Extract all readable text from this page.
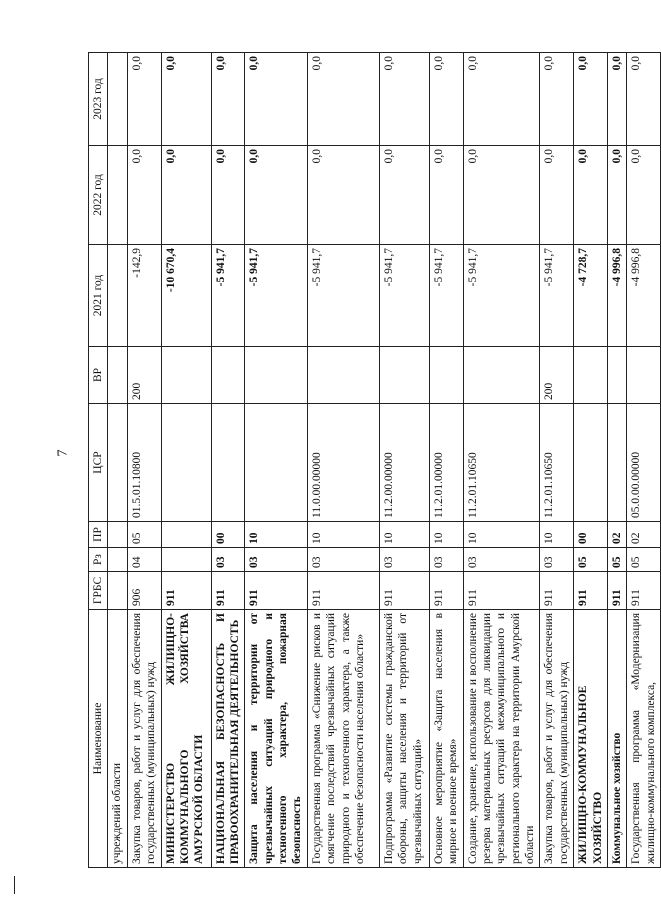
7
Наименование	ГРБС	Рз	ПР	ЦСР	ВР	2021 год	2022 год	2023 год
учреждений области								
Закупка товаров, работ и услуг для обеспечения государственных (муниципальных) нужд	906	04	05	01.5.01.10800	200	-142,9	0,0	0,0
МИНИСТЕРСТВО ЖИЛИЩНО-КОММУНАЛЬНОГО ХОЗЯЙСТВА АМУРСКОЙ ОБЛАСТИ	911					-10 670,4	0,0	0,0
НАЦИОНАЛЬНАЯ БЕЗОПАСНОСТЬ И ПРАВООХРАНИТЕЛЬНАЯ ДЕЯТЕЛЬНОСТЬ	911	03	00			-5 941,7	0,0	0,0
Защита населения и территории от чрезвычайных ситуаций природного и техногенного характера, пожарная безопасность	911	03	10			-5 941,7	0,0	0,0
Государственная программа «Снижение рисков и смягчение последствий чрезвычайных ситуаций природного и техногенного характера, а также обеспечение безопасности населения области»	911	03	10	11.0.00.00000		-5 941,7	0,0	0,0
Подпрограмма «Развитие системы гражданской обороны, защиты населения и территорий от чрезвычайных ситуаций»	911	03	10	11.2.00.00000		-5 941,7	0,0	0,0
Основное мероприятие «Защита населения в мирное и военное время»	911	03	10	11.2.01.00000		-5 941,7	0,0	0,0
Создание, хранение, использование и восполнение резерва материальных ресурсов для ликвидации чрезвычайных ситуаций межмуниципального и регионального характера на территории Амурской области	911	03	10	11.2.01.10650		-5 941,7	0,0	0,0
Закупка товаров, работ и услуг для обеспечения государственных (муниципальных) нужд	911	03	10	11.2.01.10650	200	-5 941,7	0,0	0,0
ЖИЛИЩНО-КОММУНАЛЬНОЕ ХОЗЯЙСТВО	911	05	00			-4 728,7	0,0	0,0
Коммунальное хозяйство	911	05	02			-4 996,8	0,0	0,0
Государственная программа «Модернизация жилищно-коммунального комплекса,	911	05	02	05.0.00.00000		-4 996,8	0,0	0,0
